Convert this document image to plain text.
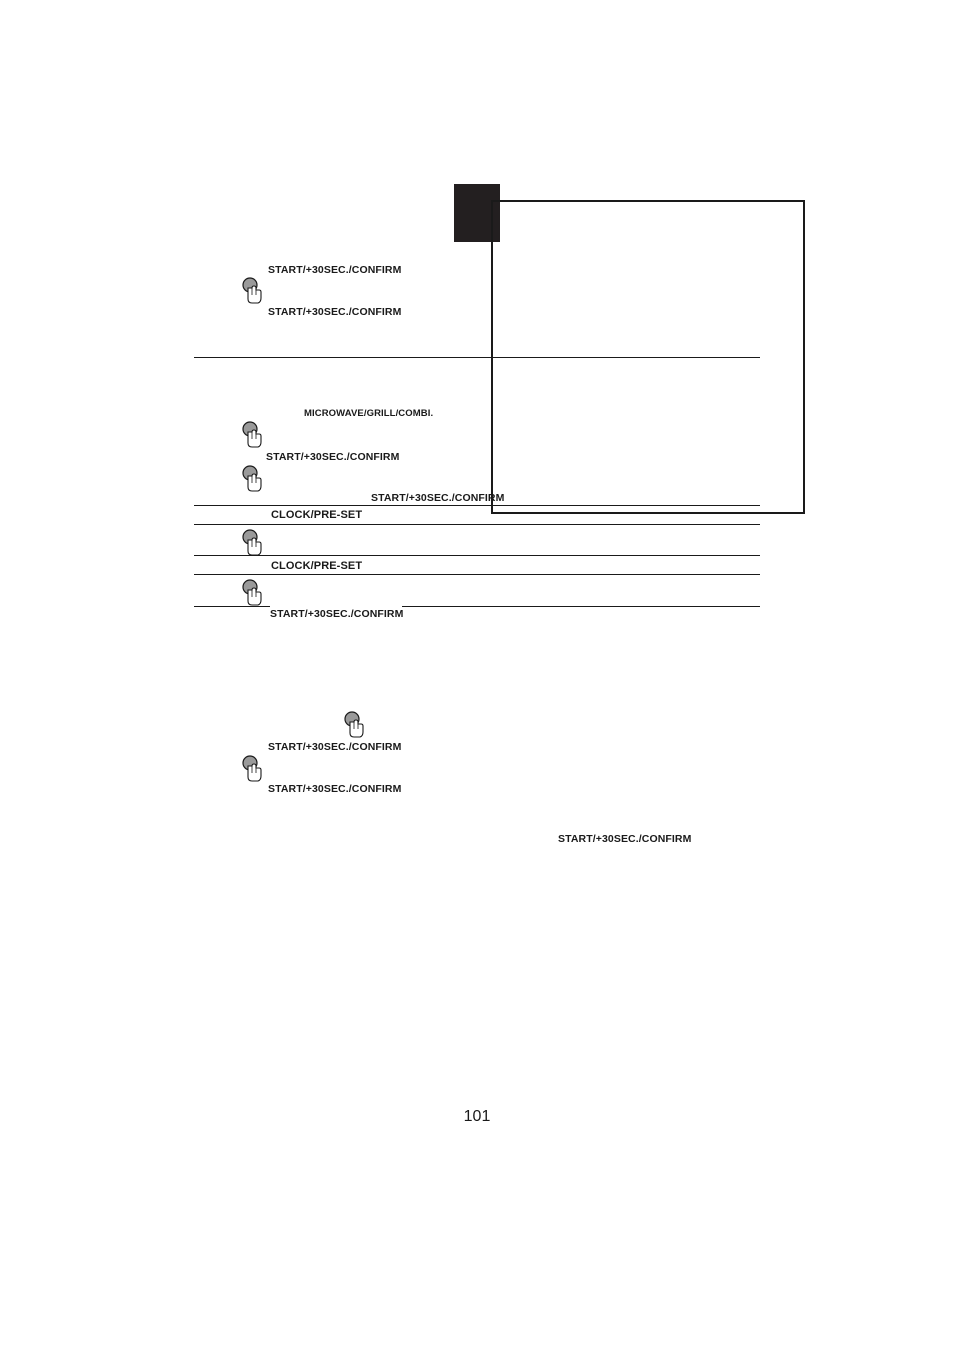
START/+30SEC./CONFIRM
START/+30SEC./CONFIRM
MICROWAVE/GRILL/COMBI.
START/+30SEC./CONFIRM
START/+30SEC./CONFIRM
CLOCK/PRE-SET
CLOCK/PRE-SET
START/+30SEC./CONFIRM
START/+30SEC./CONFIRM
START/+30SEC./CONFIRM
START/+30SEC./CONFIRM
101
